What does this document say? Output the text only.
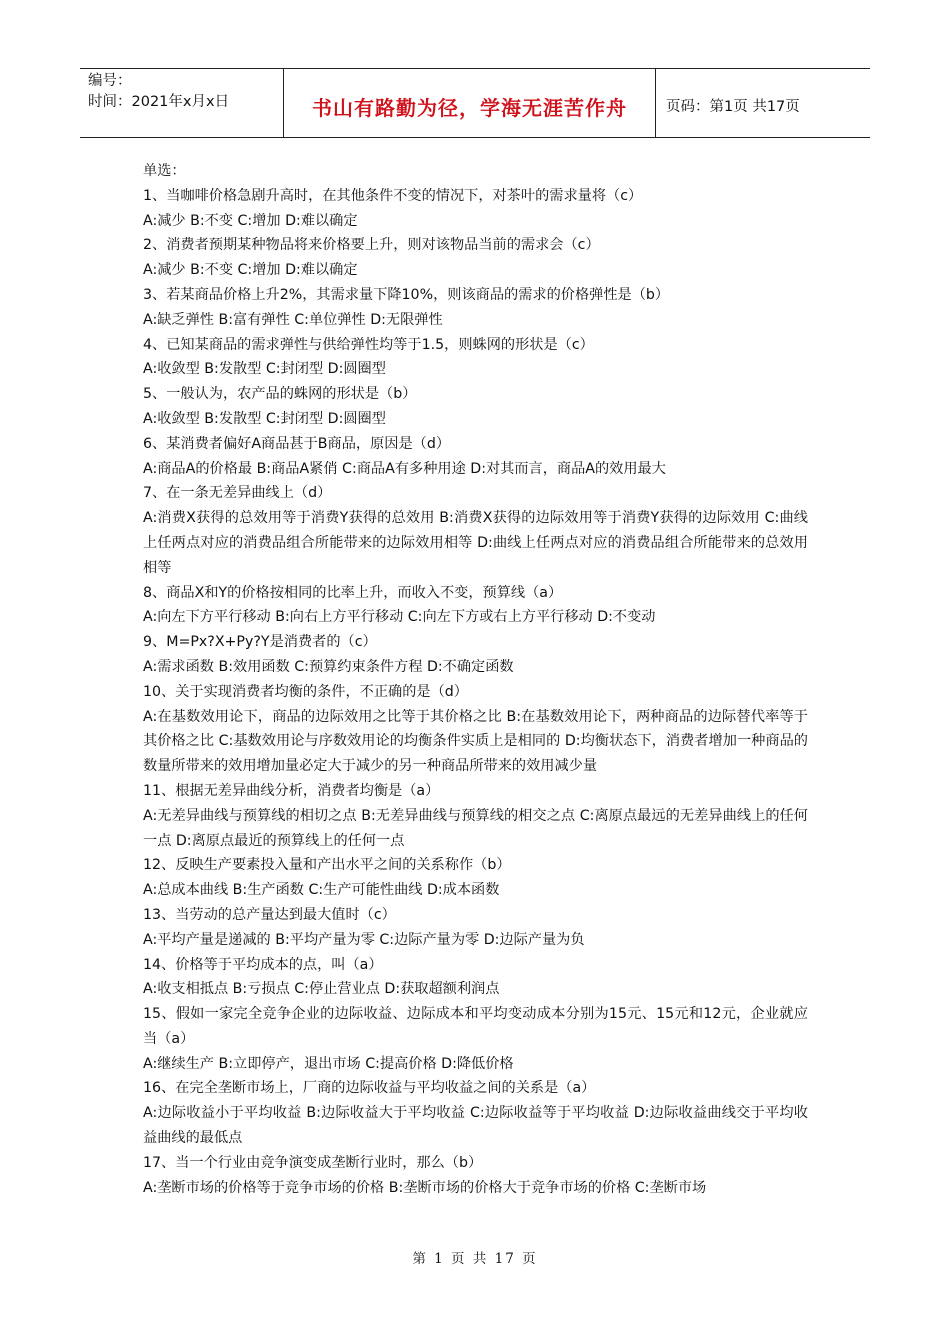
编号：
时间：2021年x月x日	书山有路勤为径，学海无涯苦作舟	页码：第1页 共17页
单选：
1、当咖啡价格急剧升高时，在其他条件不变的情况下，对茶叶的需求量将（c）
A:减少 B:不变 C:增加 D:难以确定
2、消费者预期某种物品将来价格要上升，则对该物品当前的需求会（c）
A:减少 B:不变 C:增加 D:难以确定
3、若某商品价格上升2%，其需求量下降10%，则该商品的需求的价格弹性是（b）
A:缺乏弹性 B:富有弹性 C:单位弹性 D:无限弹性
4、已知某商品的需求弹性与供给弹性均等于1.5，则蛛网的形状是（c）
A:收敛型 B:发散型 C:封闭型 D:圆圈型
5、一般认为，农产品的蛛网的形状是（b）
A:收敛型 B:发散型 C:封闭型 D:圆圈型
6、某消费者偏好A商品甚于B商品，原因是（d）
A:商品A的价格最 B:商品A紧俏 C:商品A有多种用途 D:对其而言，商品A的效用最大
7、在一条无差异曲线上（d）
A:消费X获得的总效用等于消费Y获得的总效用 B:消费X获得的边际效用等于消费Y获得的边际效用 C:曲线上任两点对应的消费品组合所能带来的边际效用相等 D:曲线上任两点对应的消费品组合所能带来的总效用相等
8、商品X和Y的价格按相同的比率上升，而收入不变，预算线（a）
A:向左下方平行移动 B:向右上方平行移动 C:向左下方或右上方平行移动 D:不变动
9、M=Px?X+Py?Y是消费者的（c）
A:需求函数 B:效用函数 C:预算约束条件方程 D:不确定函数
10、关于实现消费者均衡的条件，不正确的是（d）
A:在基数效用论下，商品的边际效用之比等于其价格之比 B:在基数效用论下，两种商品的边际替代率等于其价格之比 C:基数效用论与序数效用论的均衡条件实质上是相同的 D:均衡状态下，消费者增加一种商品的数量所带来的效用增加量必定大于减少的另一种商品所带来的效用减少量
11、根据无差异曲线分析，消费者均衡是（a）
A:无差异曲线与预算线的相切之点 B:无差异曲线与预算线的相交之点 C:离原点最远的无差异曲线上的任何一点 D:离原点最近的预算线上的任何一点
12、反映生产要素投入量和产出水平之间的关系称作（b）
A:总成本曲线 B:生产函数 C:生产可能性曲线 D:成本函数
13、当劳动的总产量达到最大值时（c）
A:平均产量是递减的 B:平均产量为零 C:边际产量为零 D:边际产量为负
14、价格等于平均成本的点，叫（a）
A:收支相抵点 B:亏损点 C:停止营业点 D:获取超额利润点
15、假如一家完全竞争企业的边际收益、边际成本和平均变动成本分别为15元、15元和12元，企业就应当（a）
A:继续生产 B:立即停产，退出市场 C:提高价格 D:降低价格
16、在完全垄断市场上，厂商的边际收益与平均收益之间的关系是（a）
A:边际收益小于平均收益 B:边际收益大于平均收益 C:边际收益等于平均收益 D:边际收益曲线交于平均收益曲线的最低点
17、当一个行业由竞争演变成垄断行业时，那么（b）
A:垄断市场的价格等于竞争市场的价格 B:垄断市场的价格大于竞争市场的价格 C:垄断市场
第 1 页 共 17 页
